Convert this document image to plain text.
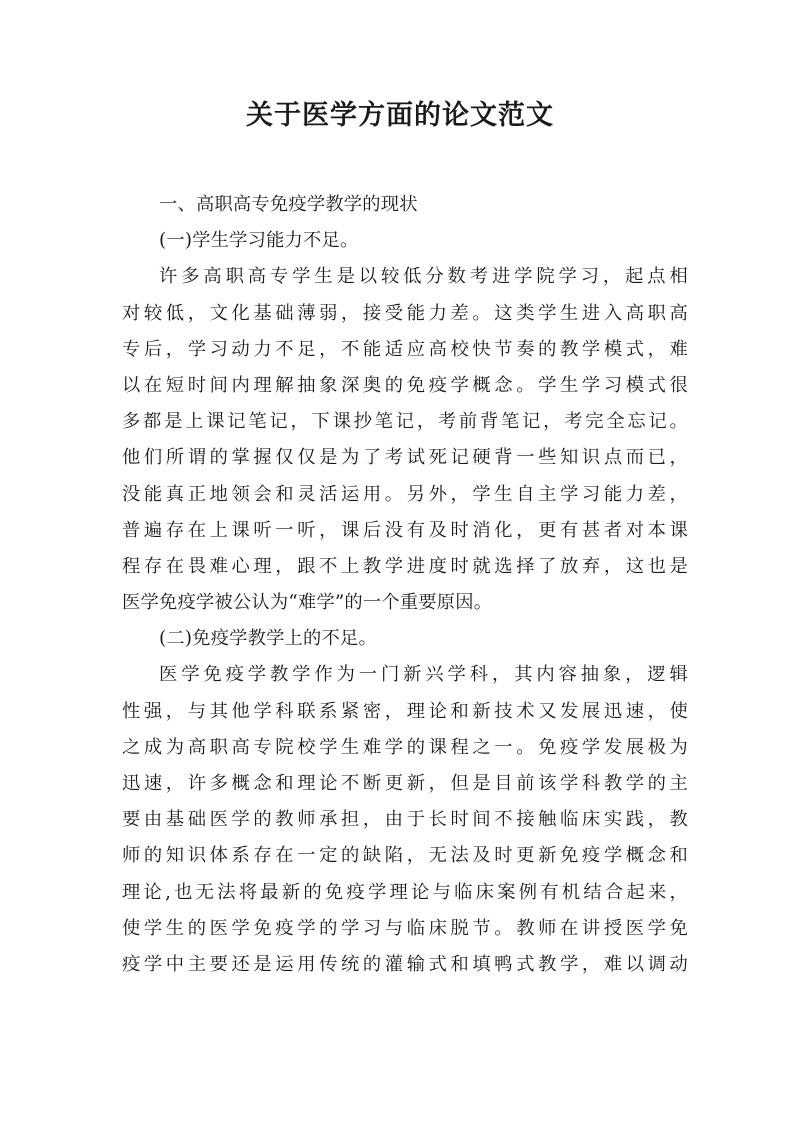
关于医学方面的论文范文
一、高职高专免疫学教学的现状
(一)学生学习能力不足。
许多高职高专学生是以较低分数考进学院学习，起点相
对较低，文化基础薄弱，接受能力差。这类学生进入高职高
专后，学习动力不足，不能适应高校快节奏的教学模式，难
以在短时间内理解抽象深奥的免疫学概念。学生学习模式很
多都是上课记笔记，下课抄笔记，考前背笔记，考完全忘记。
他们所谓的掌握仅仅是为了考试死记硬背一些知识点而已，
没能真正地领会和灵活运用。另外，学生自主学习能力差，
普遍存在上课听一听，课后没有及时消化，更有甚者对本课
程存在畏难心理，跟不上教学进度时就选择了放弃，这也是
医学免疫学被公认为“难学”的一个重要原因。
(二)免疫学教学上的不足。
医学免疫学教学作为一门新兴学科，其内容抽象，逻辑
性强，与其他学科联系紧密，理论和新技术又发展迅速，使
之成为高职高专院校学生难学的课程之一。免疫学发展极为
迅速，许多概念和理论不断更新，但是目前该学科教学的主
要由基础医学的教师承担，由于长时间不接触临床实践，教
师的知识体系存在一定的缺陷，无法及时更新免疫学概念和
理论,也无法将最新的免疫学理论与临床案例有机结合起来，
使学生的医学免疫学的学习与临床脱节。教师在讲授医学免
疫学中主要还是运用传统的灌输式和填鸭式教学，难以调动
